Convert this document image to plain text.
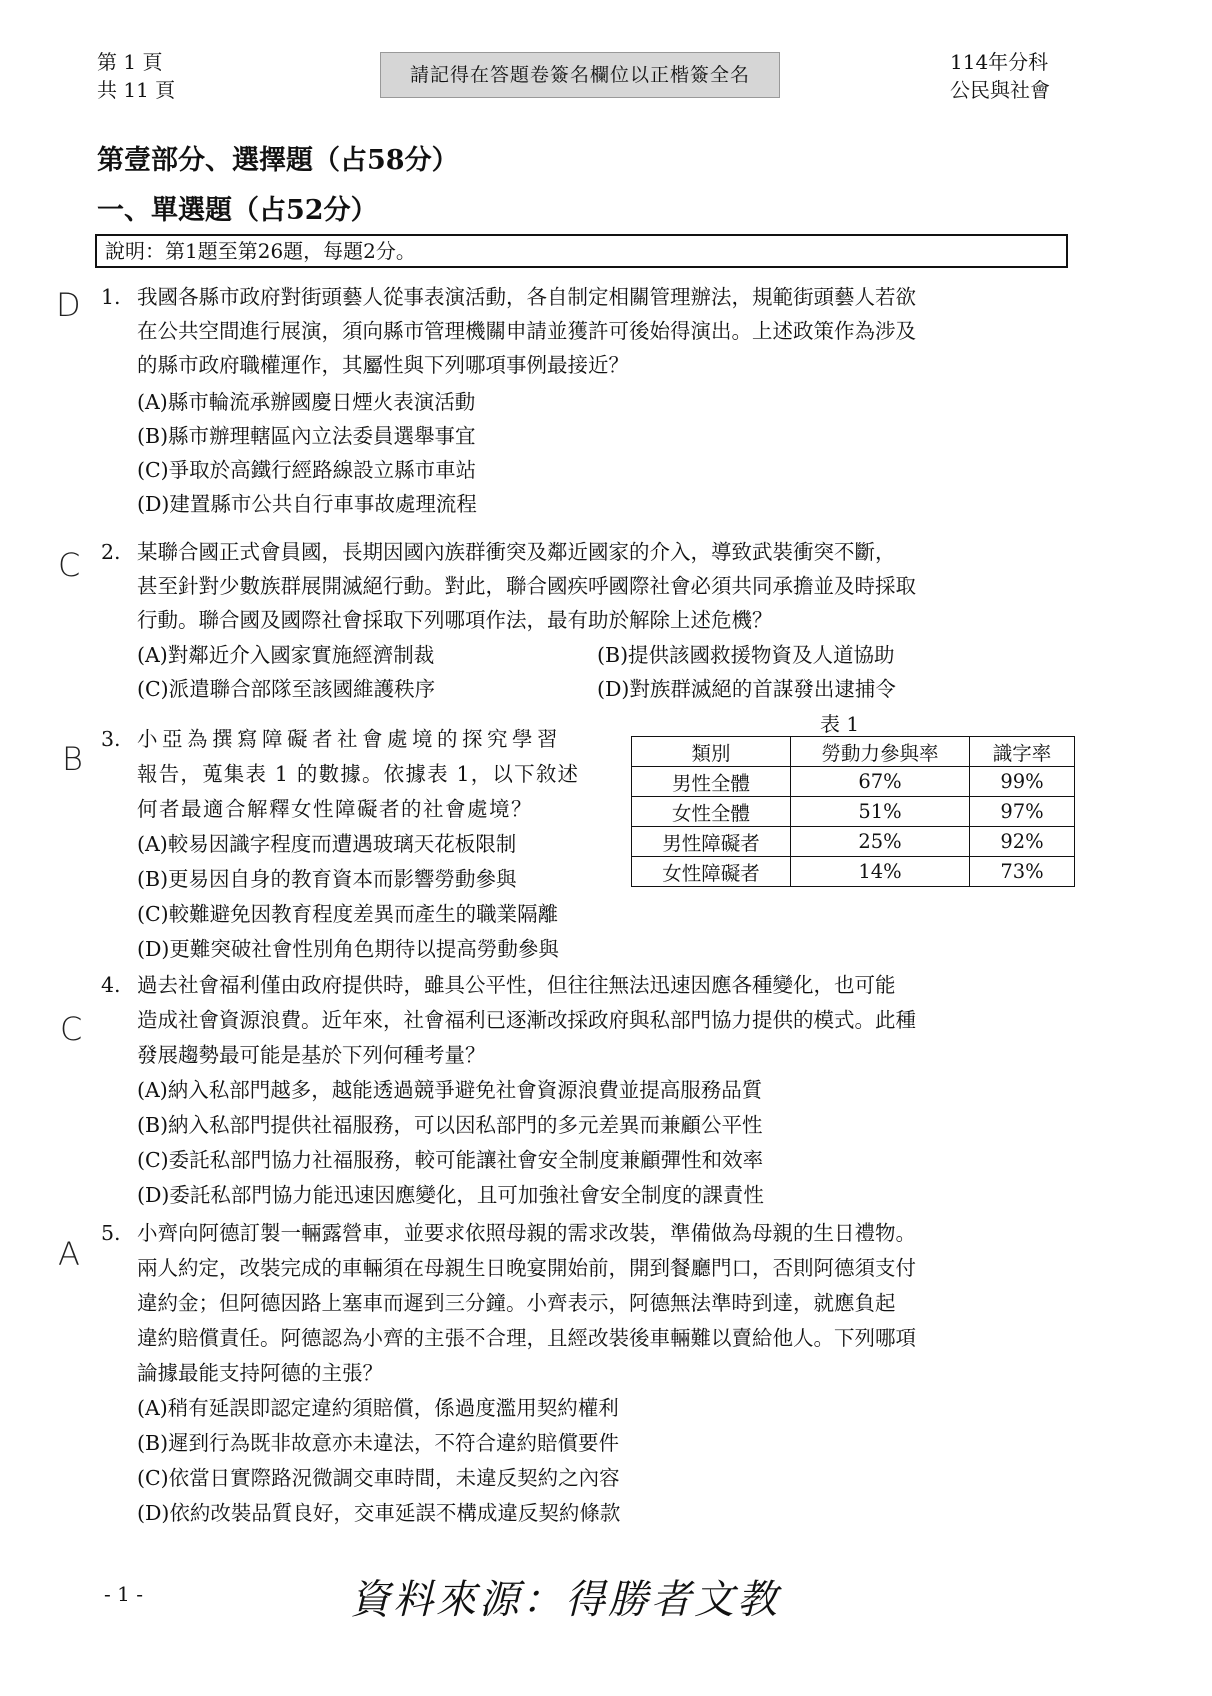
第 1 頁
共 11 頁
請記得在答題卷簽名欄位以正楷簽全名
114年分科
公民與社會
第壹部分、選擇題（占58分）
一、單選題（占52分）
說明：第1題至第26題，每題2分。
D 1. 我國各縣市政府對街頭藝人從事表演活動，各自制定相關管理辦法，規範街頭藝人若欲
在公共空間進行展演，須向縣市管理機關申請並獲許可後始得演出。上述政策作為涉及
的縣市政府職權運作，其屬性與下列哪項事例最接近？
(A)縣市輪流承辦國慶日煙火表演活動
(B)縣市辦理轄區內立法委員選舉事宜
(C)爭取於高鐵行經路線設立縣市車站
(D)建置縣市公共自行車事故處理流程
C 2. 某聯合國正式會員國，長期因國內族群衝突及鄰近國家的介入，導致武裝衝突不斷，
甚至針對少數族群展開滅絕行動。對此，聯合國疾呼國際社會必須共同承擔並及時採取
行動。聯合國及國際社會採取下列哪項作法，最有助於解除上述危機？
(A)對鄰近介入國家實施經濟制裁	(B)提供該國救援物資及人道協助
(C)派遣聯合部隊至該國維護秩序	(D)對族群滅絕的首謀發出逮捕令
B
3. 小亞為撰寫障礙者社會處境的探究學習
報告，蒐集表 1 的數據。依據表 1，以下敘述
何者最適合解釋女性障礙者的社會處境？
(A)較易因識字程度而遭遇玻璃天花板限制
(B)更易因自身的教育資本而影響勞動參與
(C)較難避免因教育程度差異而產生的職業隔離
(D)更難突破社會性別角色期待以提高勞動參與
表 1
類別	勞動力參與率	識字率
男性全體	67%	99%
女性全體	51%	97%
男性障礙者	25%	92%
女性障礙者	14%	73%
C
4. 過去社會福利僅由政府提供時，雖具公平性，但往往無法迅速因應各種變化，也可能
造成社會資源浪費。近年來，社會福利已逐漸改採政府與私部門協力提供的模式。此種
發展趨勢最可能是基於下列何種考量？
(A)納入私部門越多，越能透過競爭避免社會資源浪費並提高服務品質
(B)納入私部門提供社福服務，可以因私部門的多元差異而兼顧公平性
(C)委託私部門協力社福服務，較可能讓社會安全制度兼顧彈性和效率
(D)委託私部門協力能迅速因應變化，且可加強社會安全制度的課責性
A
5. 小齊向阿德訂製一輛露營車，並要求依照母親的需求改裝，準備做為母親的生日禮物。
兩人約定，改裝完成的車輛須在母親生日晚宴開始前，開到餐廳門口，否則阿德須支付
違約金；但阿德因路上塞車而遲到三分鐘。小齊表示，阿德無法準時到達，就應負起
違約賠償責任。阿德認為小齊的主張不合理，且經改裝後車輛難以賣給他人。下列哪項
論據最能支持阿德的主張？
(A)稍有延誤即認定違約須賠償，係過度濫用契約權利
(B)遲到行為既非故意亦未違法，不符合違約賠償要件
(C)依當日實際路況微調交車時間，未違反契約之內容
(D)依約改裝品質良好，交車延誤不構成違反契約條款
- 1 -	資料來源：得勝者文教
